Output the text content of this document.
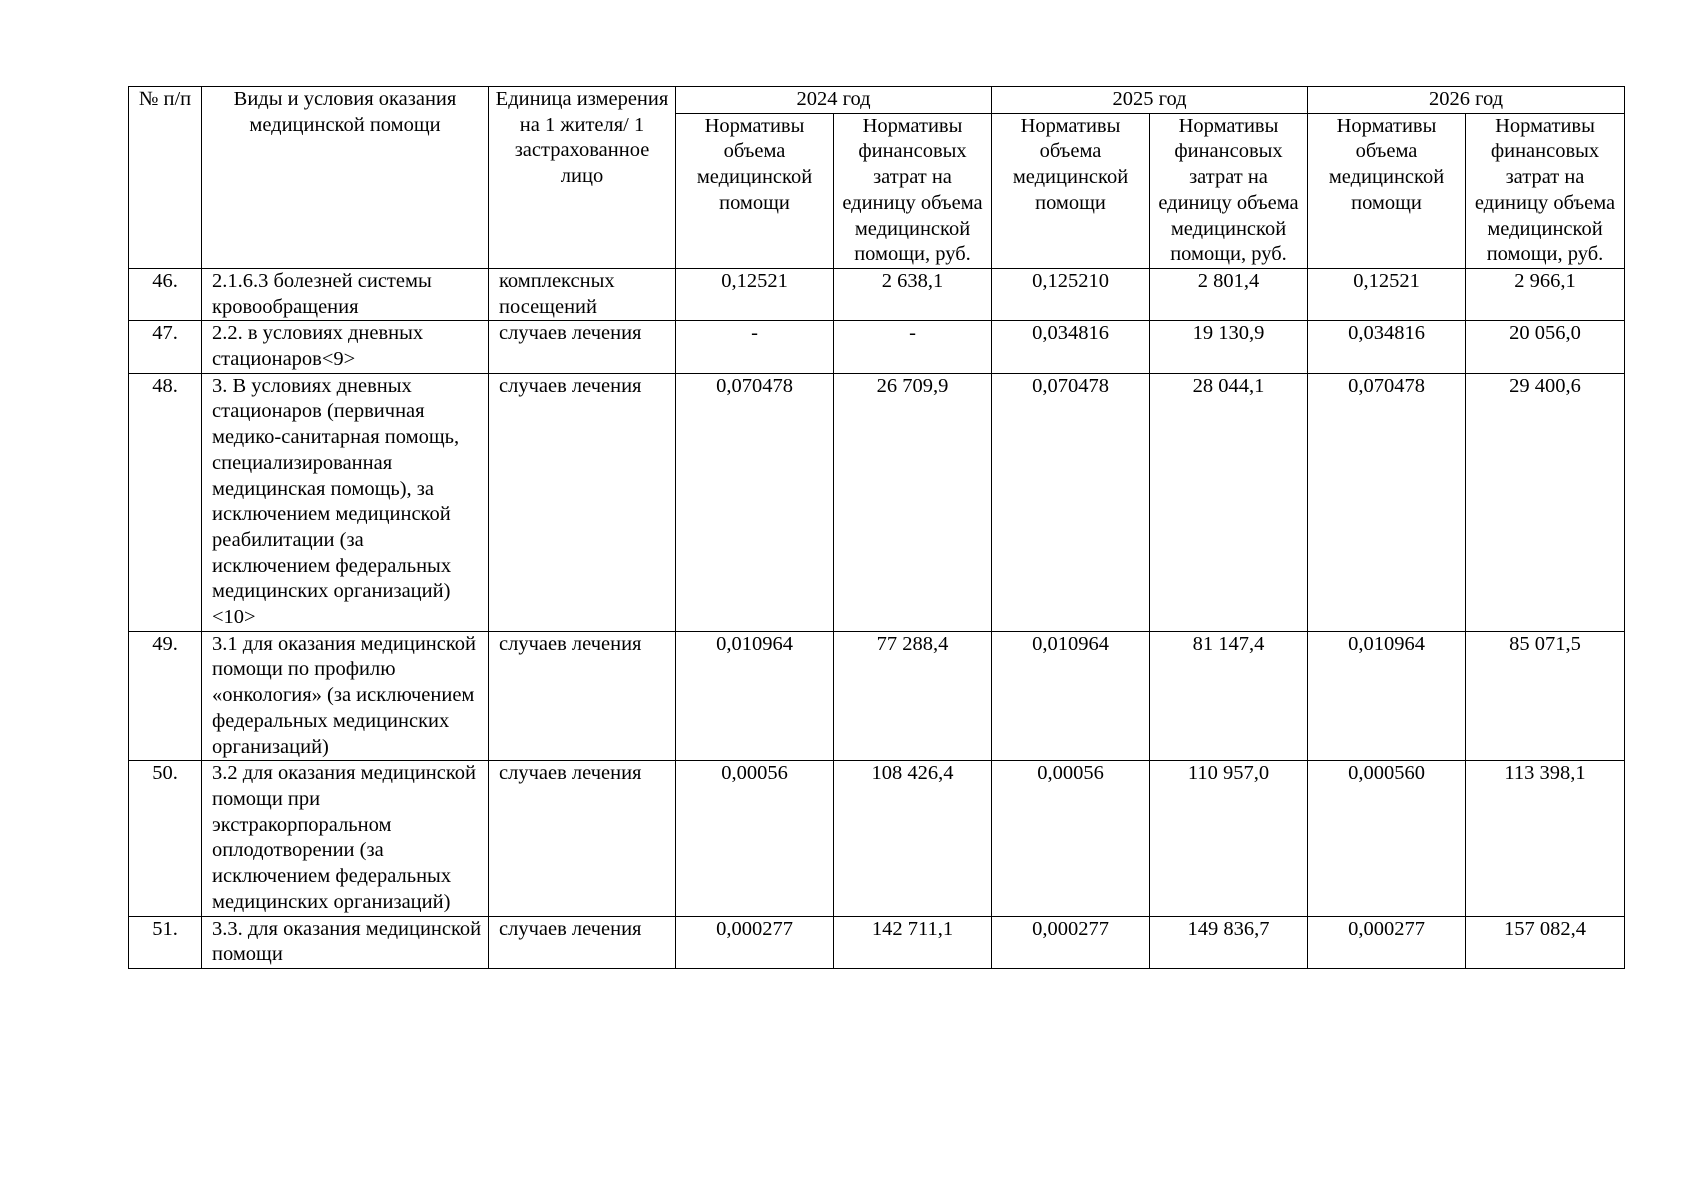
№ п/п	Виды и условия оказания медицинской помощи	Единица измерения на 1 жителя/ 1 застрахованное лицо	2024 год		2025 год		2026 год	
			Нормативы объема медицинской помощи	Нормативы финансовых затрат на единицу объема медицинской помощи, руб.	Нормативы объема медицинской помощи	Нормативы финансовых затрат на единицу объема медицинской помощи, руб.	Нормативы объема медицинской помощи	Нормативы финансовых затрат на единицу объема медицинской помощи, руб.
46.	2.1.6.3 болезней системы кровообращения	комплексных посещений	0,12521	2 638,1	0,125210	2 801,4	0,12521	2 966,1
47.	2.2. в условиях дневных стационаров<9>	случаев лечения	-	-	0,034816	19 130,9	0,034816	20 056,0
48.	3. В условиях дневных стационаров (первичная медико-санитарная помощь, специализированная медицинская помощь), за исключением медицинской реабилитации (за исключением федеральных медицинских организаций) <10>	случаев лечения	0,070478	26 709,9	0,070478	28 044,1	0,070478	29 400,6
49.	3.1 для оказания медицинской помощи по профилю «онкология» (за исключением федеральных медицинских организаций)	случаев лечения	0,010964	77 288,4	0,010964	81 147,4	0,010964	85 071,5
50.	3.2 для оказания медицинской помощи при экстракорпоральном оплодотворении (за исключением федеральных медицинских организаций)	случаев лечения	0,00056	108 426,4	0,00056	110 957,0	0,000560	113 398,1
51.	3.3. для оказания медицинской помощи	случаев лечения	0,000277	142 711,1	0,000277	149 836,7	0,000277	157 082,4
